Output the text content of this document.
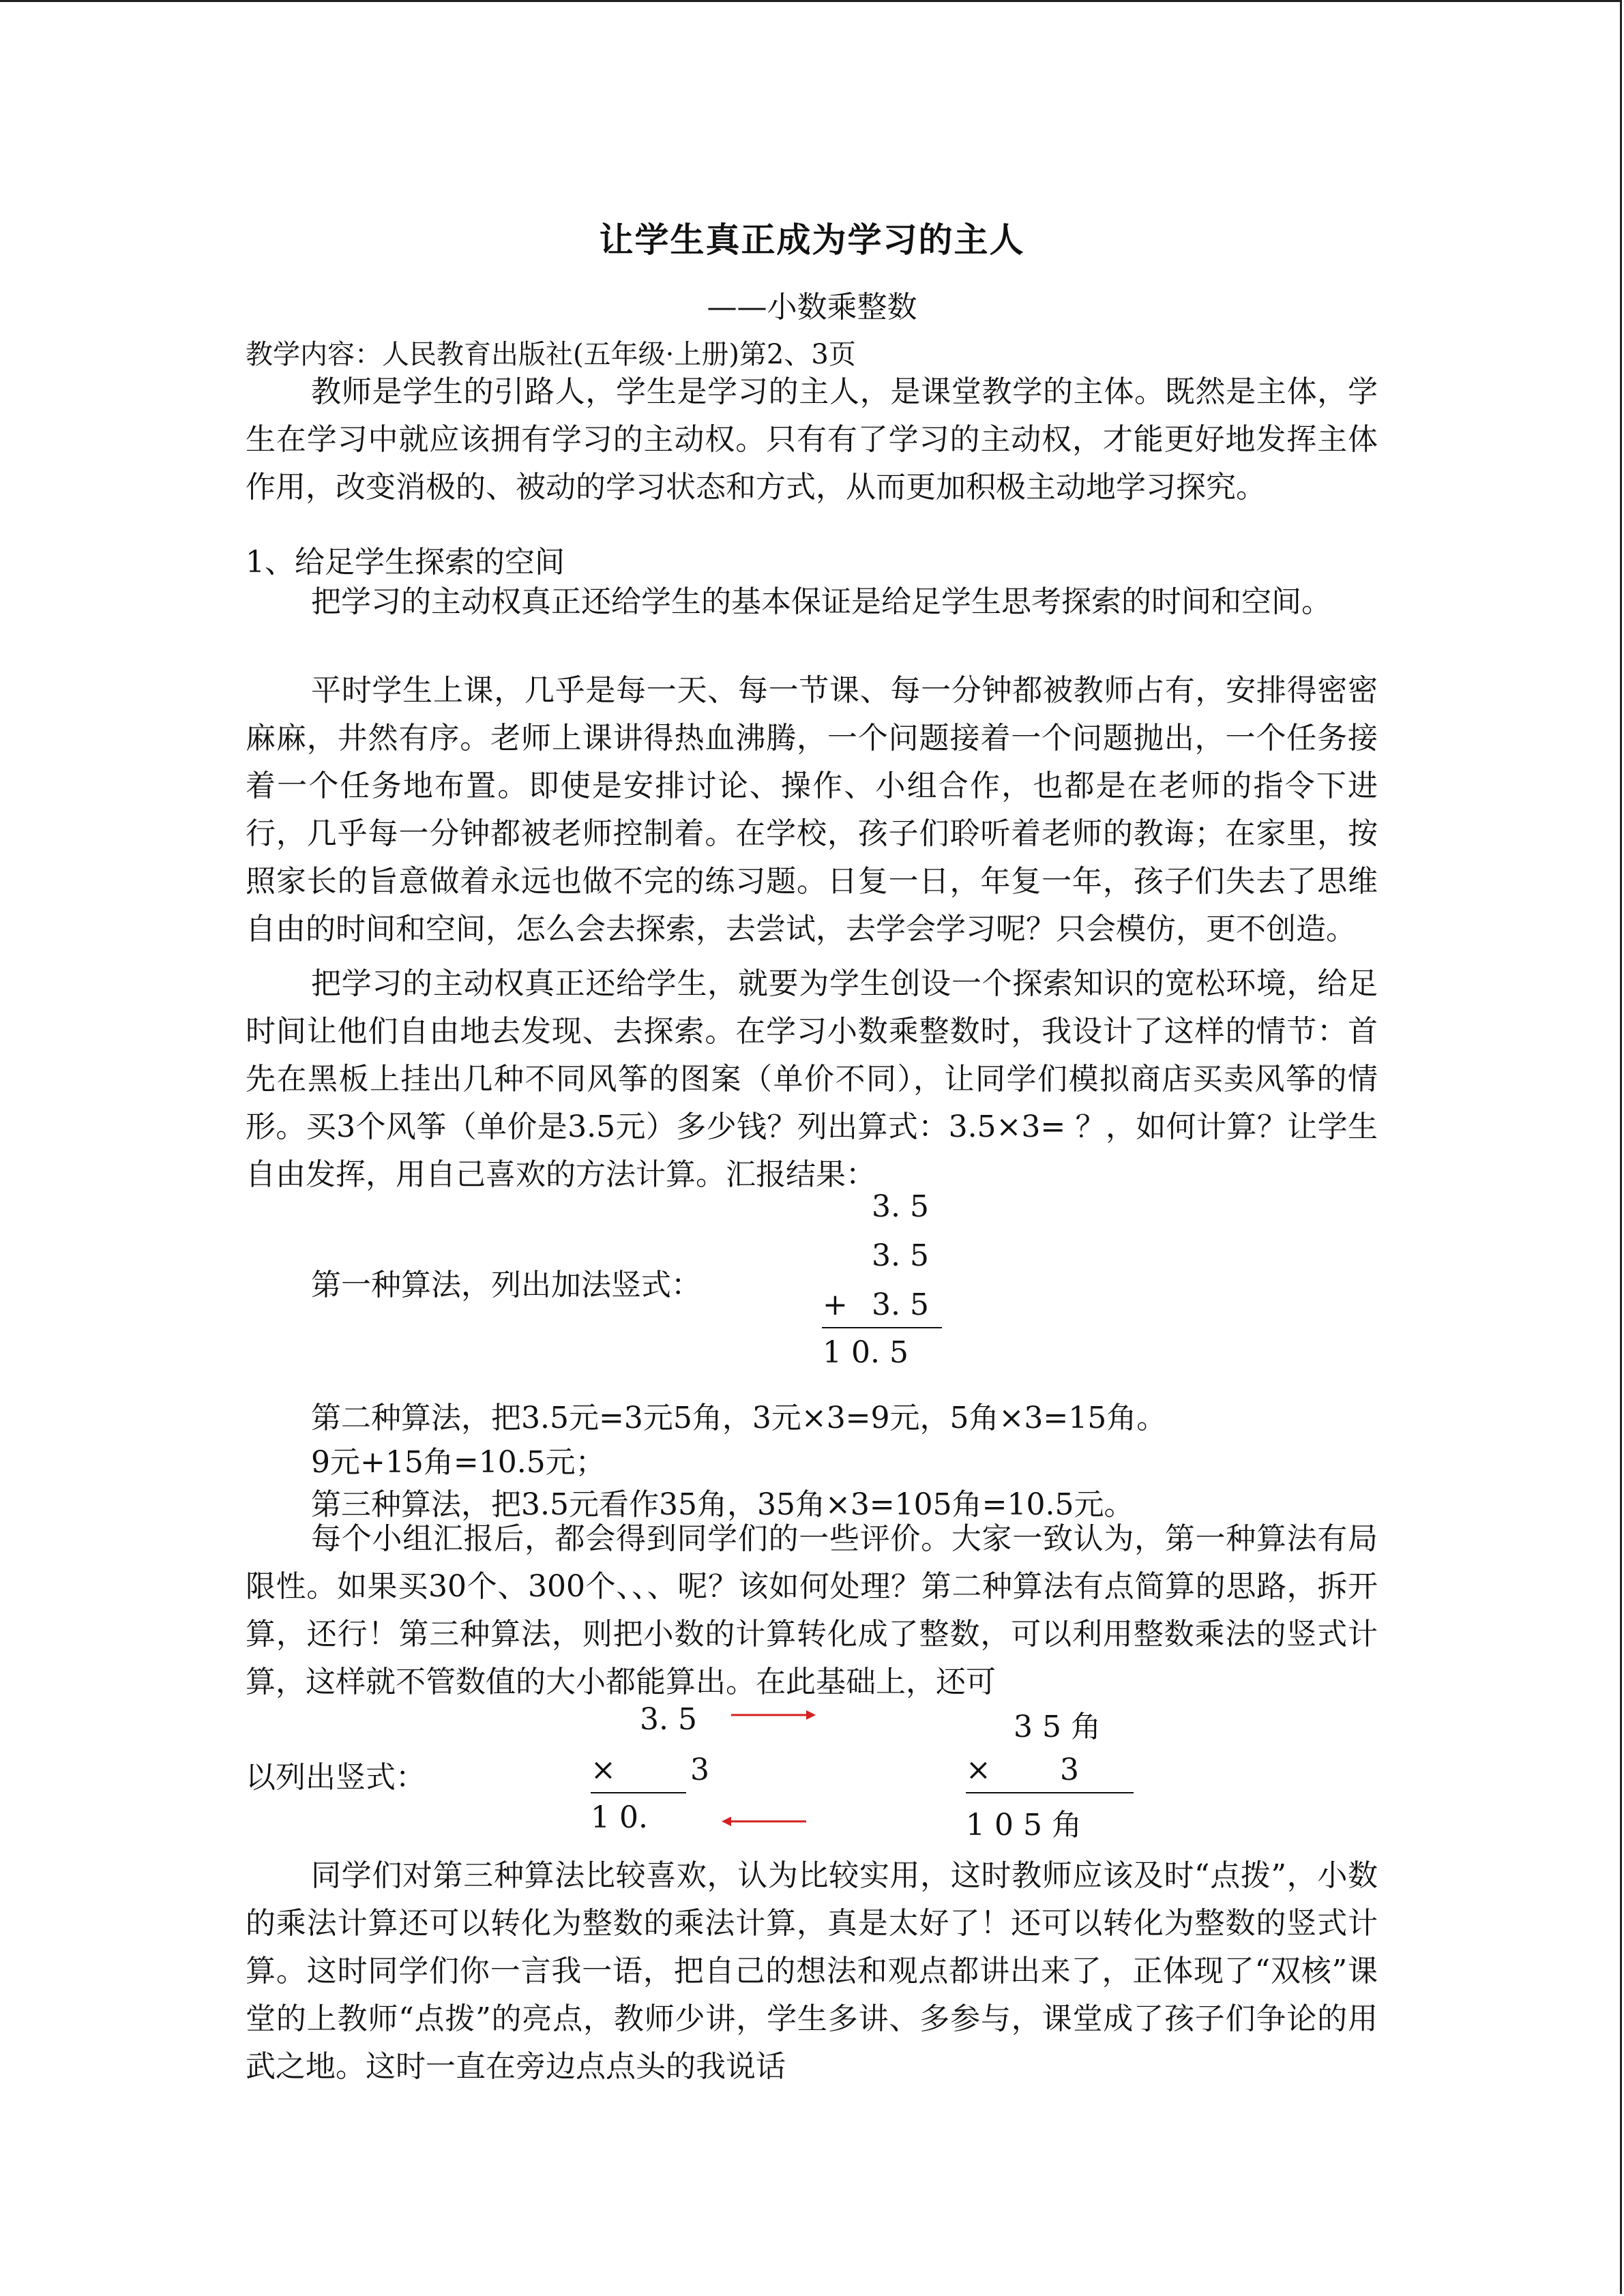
让学生真正成为学习的主人
——小数乘整数
教学内容：人民教育出版社(五年级·上册)第2、3页

教师是学生的引路人，学生是学习的主人，是课堂教学的主体。既然是主体，学生在学习中就应该拥有学习的主动权。只有有了学习的主动权，才能更好地发挥主体作用，改变消极的、被动的学习状态和方式，从而更加积极主动地学习探究。

1、给足学生探索的空间

把学习的主动权真正还给学生的基本保证是给足学生思考探索的时间和空间。

平时学生上课，几乎是每一天、每一节课、每一分钟都被教师占有，安排得密密麻麻，井然有序。老师上课讲得热血沸腾，一个问题接着一个问题抛出，一个任务接着一个任务地布置。即使是安排讨论、操作、小组合作，也都是在老师的指令下进行，几乎每一分钟都被老师控制着。在学校，孩子们聆听着老师的教诲；在家里，按照家长的旨意做着永远也做不完的练习题。日复一日，年复一年，孩子们失去了思维自由的时间和空间，怎么会去探索，去尝试，去学会学习呢？只会模仿，更不创造。

把学习的主动权真正还给学生，就要为学生创设一个探索知识的宽松环境，给足时间让他们自由地去发现、去探索。在学习小数乘整数时，我设计了这样的情节：首先在黑板上挂出几种不同风筝的图案（单价不同），让同学们模拟商店买卖风筝的情形。买3个风筝（单价是3.5元）多少钱？列出算式：3.5×3= ？，如何计算？让学生自由发挥，用自己喜欢的方法计算。汇报结果：

第一种算法，列出加法竖式：
3. 5
3. 5
+ 3. 5
1 0. 5
第二种算法，把3.5元=3元5角，3元×3=9元，5角×3=15角。
9元+15角=10.5元；
第三种算法，把3.5元看作35角，35角×3=105角=10.5元。

每个小组汇报后，都会得到同学们的一些评价。大家一致认为，第一种算法有局限性。如果买30个、300个、、、呢？该如何处理？第二种算法有点简算的思路，拆开算，还行！第三种算法，则把小数的计算转化成了整数，可以利用整数乘法的竖式计算，这样就不管数值的大小都能算出。在此基础上，还可

以列出竖式：
3. 5
× 3
1 0.
3 5 角
× 3
1 0 5 角

同学们对第三种算法比较喜欢，认为比较实用，这时教师应该及时“点拨”，小数的乘法计算还可以转化为整数的乘法计算，真是太好了！还可以转化为整数的竖式计算。这时同学们你一言我一语，把自己的想法和观点都讲出来了，正体现了“双核”课堂的上教师“点拨”的亮点，教师少讲，学生多讲、多参与，课堂成了孩子们争论的用武之地。这时一直在旁边点点头的我说话
